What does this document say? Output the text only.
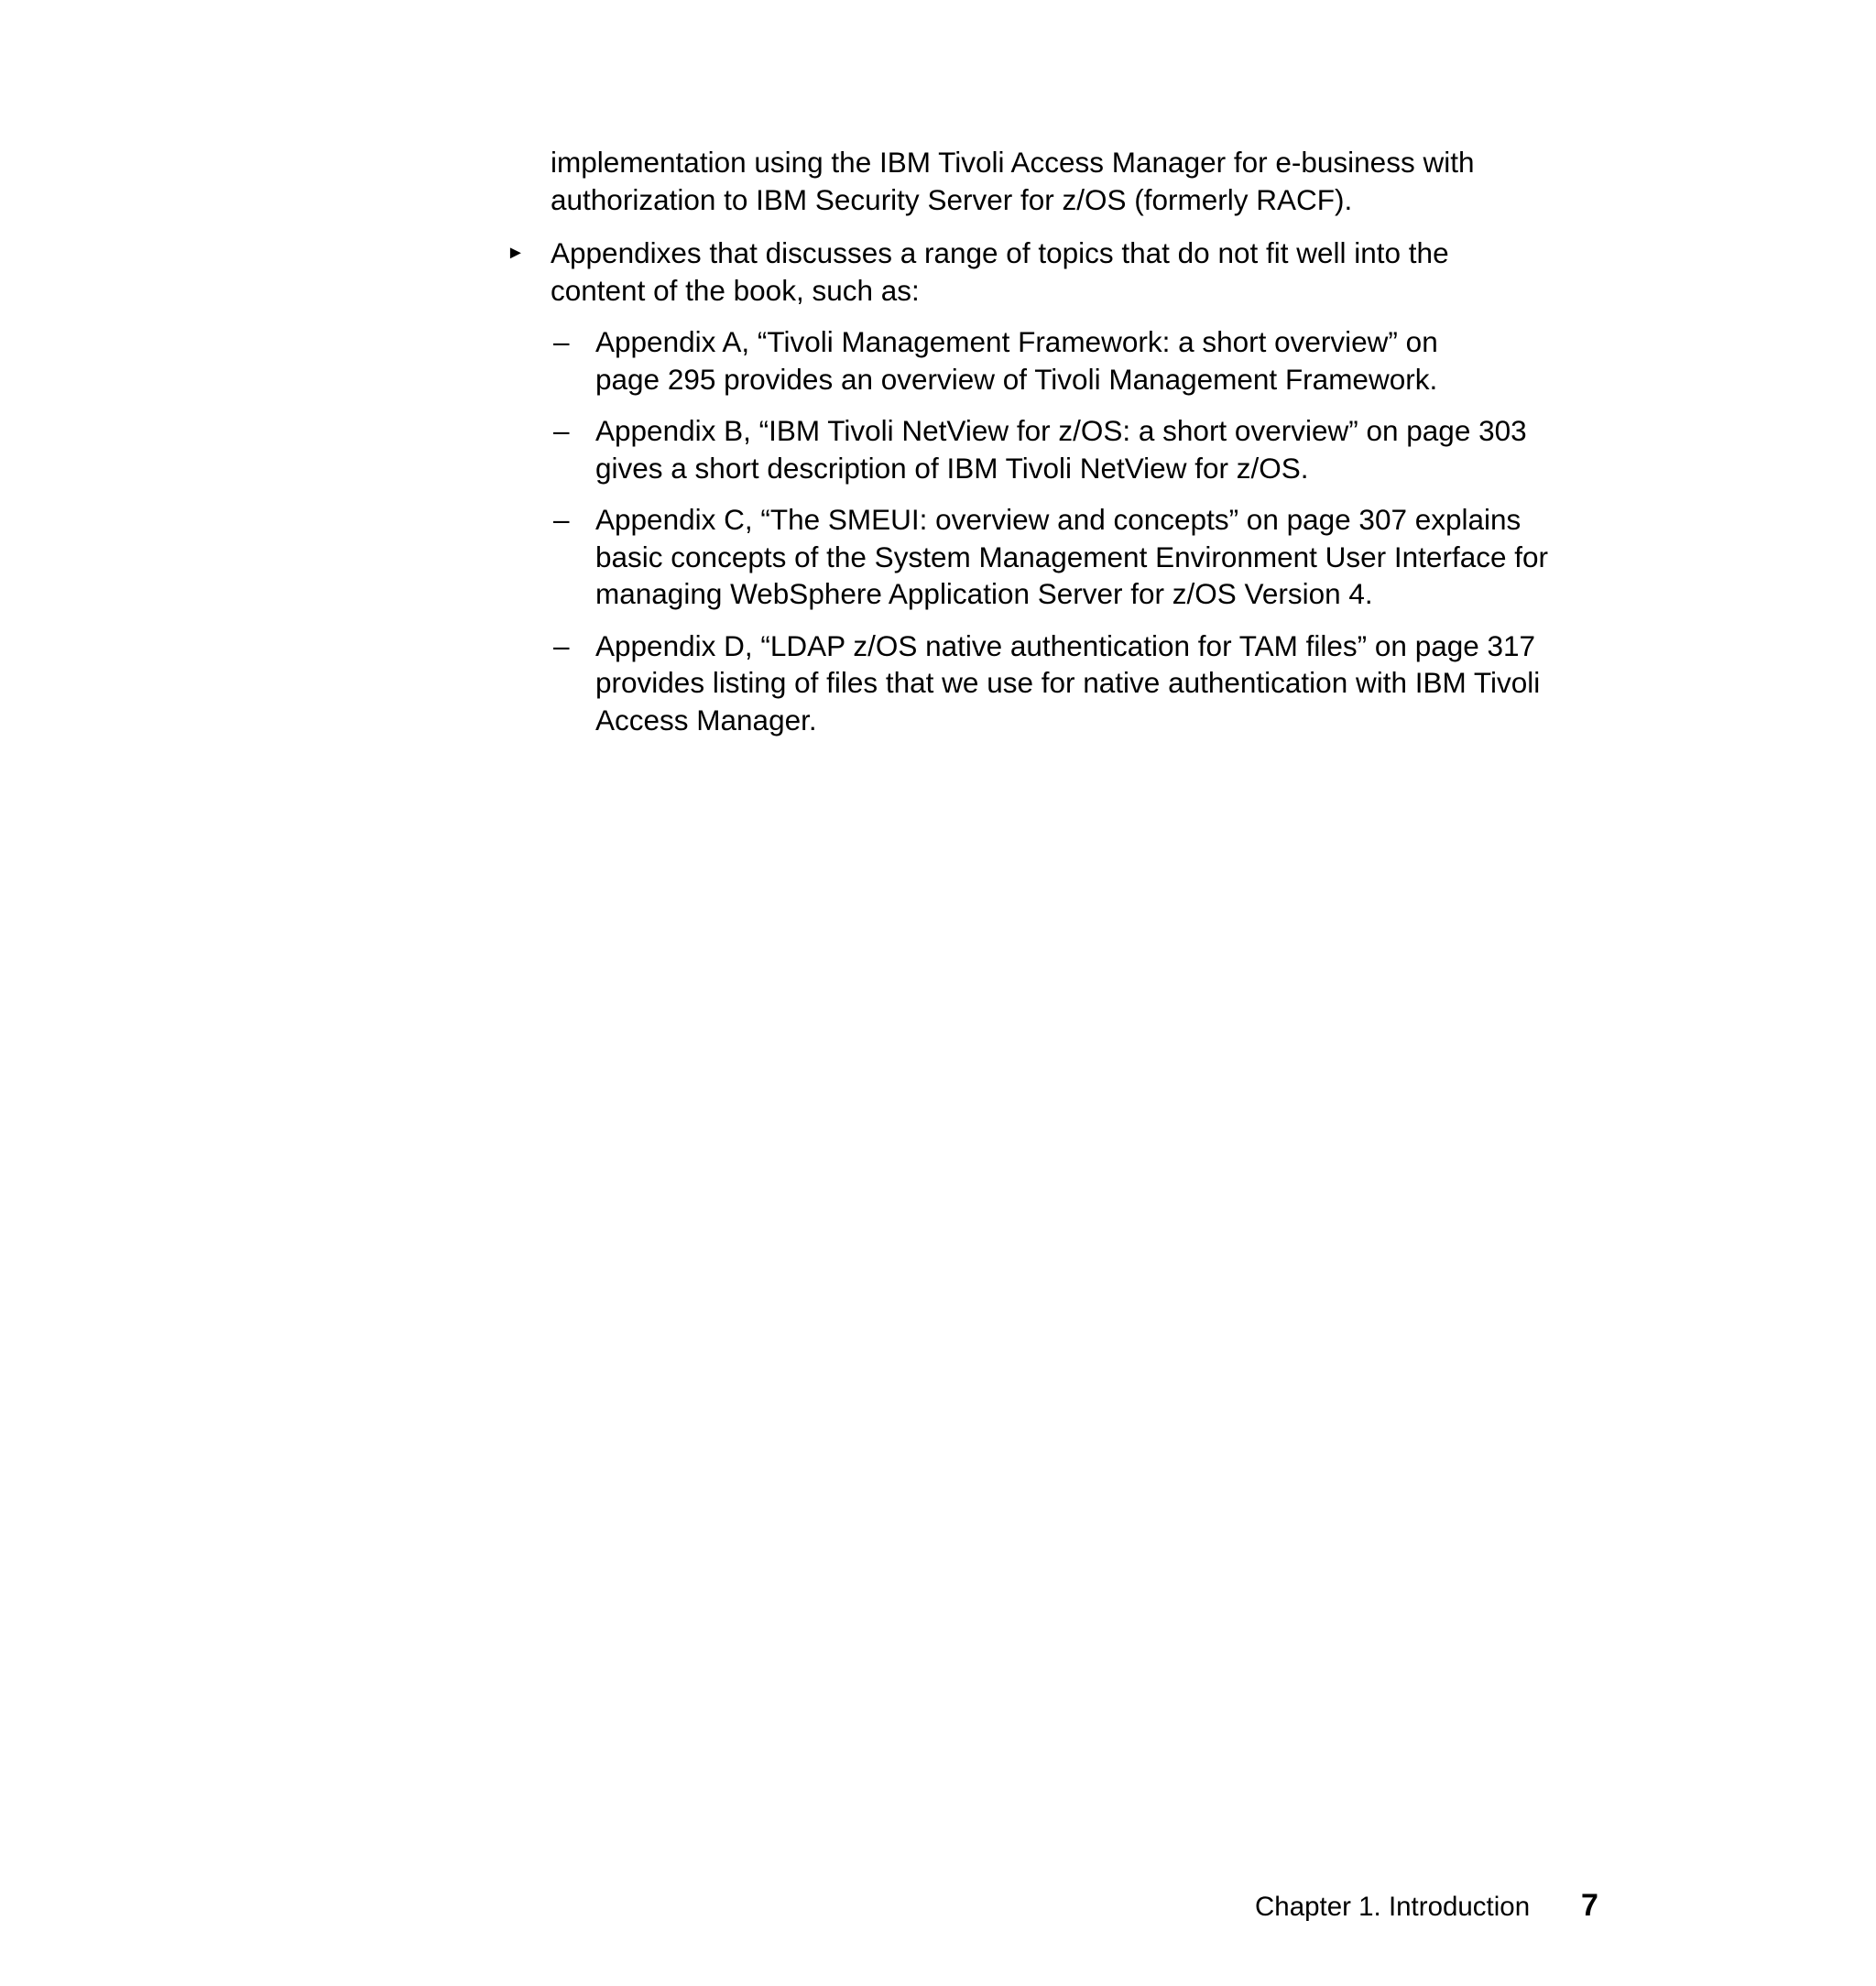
implementation using the IBM Tivoli Access Manager for e-business with
authorization to IBM Security Server for z/OS (formerly RACF).

► Appendixes that discusses a range of topics that do not fit well into the
content of the book, such as:
– Appendix A, “Tivoli Management Framework: a short overview” on
page 295 provides an overview of Tivoli Management Framework.
– Appendix B, “IBM Tivoli NetView for z/OS: a short overview” on page 303
gives a short description of IBM Tivoli NetView for z/OS.
– Appendix C, “The SMEUI: overview and concepts” on page 307 explains
basic concepts of the System Management Environment User Interface for
managing WebSphere Application Server for z/OS Version 4.
– Appendix D, “LDAP z/OS native authentication for TAM files” on page 317
provides listing of files that we use for native authentication with IBM Tivoli
Access Manager.
Chapter 1. Introduction 7
